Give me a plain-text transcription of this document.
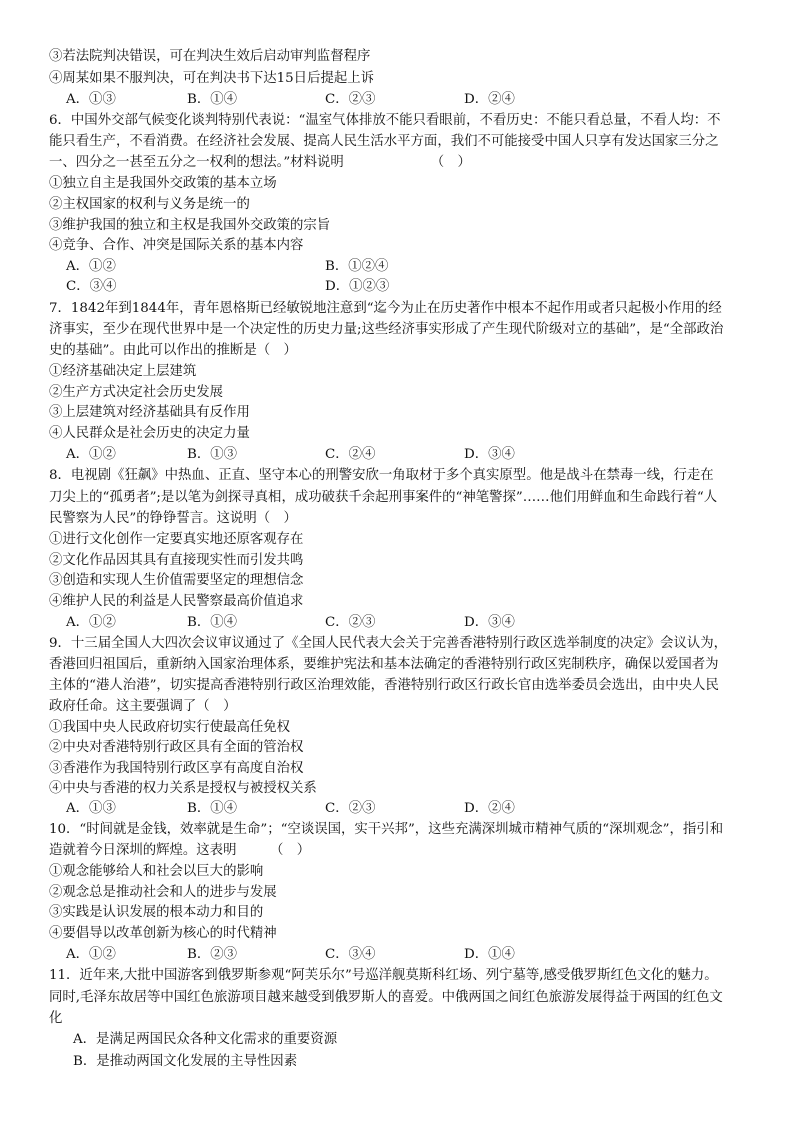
③若法院判决错误，可在判决生效后启动审判监督程序
④周某如果不服判决，可在判决书下达15日后提起上诉
A．①③	B．①④	C．②③	D．②④
6．中国外交部气候变化谈判特别代表说：“温室气体排放不能只看眼前，不看历史：不能只看总量，不看人均：不
能只看生产，不看消费。在经济社会发展、提高人民生活水平方面，我们不可能接受中国人只享有发达国家三分之
一、四分之一甚至五分之一权利的想法。”材料说明　　　　　　　（　）
①独立自主是我国外交政策的基本立场
②主权国家的权利与义务是统一的
③维护我国的独立和主权是我国外交政策的宗旨
④竞争、合作、冲突是国际关系的基本内容
A．①②	B．①②④
C．③④	D．①②③
7．1842年到1844年，青年恩格斯已经敏锐地注意到“迄今为止在历史著作中根本不起作用或者只起极小作用的经
济事实，至少在现代世界中是一个决定性的历史力量;这些经济事实形成了产生现代阶级对立的基础”，是“全部政治
史的基础”。由此可以作出的推断是（　）
①经济基础决定上层建筑
②生产方式决定社会历史发展
③上层建筑对经济基础具有反作用
④人民群众是社会历史的决定力量
A．①②	B．①③	C．②④	D．③④
8．电视剧《狂飙》中热血、正直、坚守本心的刑警安欣一角取材于多个真实原型。他是战斗在禁毒一线，行走在
刀尖上的“孤勇者”;是以笔为剑探寻真相，成功破获千余起刑事案件的“神笔警探”……他们用鲜血和生命践行着“人
民警察为人民”的铮铮誓言。这说明（　）
①进行文化创作一定要真实地还原客观存在
②文化作品因其具有直接现实性而引发共鸣
③创造和实现人生价值需要坚定的理想信念
④维护人民的利益是人民警察最高价值追求
A．①②	B．①④	C．②③	D．③④
9．十三届全国人大四次会议审议通过了《全国人民代表大会关于完善香港特别行政区选举制度的决定》会议认为，
香港回归祖国后，重新纳入国家治理体系，要维护宪法和基本法确定的香港特别行政区宪制秩序，确保以爱国者为
主体的“港人治港”，切实提高香港特别行政区治理效能，香港特别行政区行政长官由选举委员会选出，由中央人民
政府任命。这主要强调了（　）
①我国中央人民政府切实行使最高任免权
②中央对香港特别行政区具有全面的管治权
③香港作为我国特别行政区享有高度自治权
④中央与香港的权力关系是授权与被授权关系
A．①③	B．①④	C．②③	D．②④
10．“时间就是金钱，效率就是生命”；“空谈误国，实干兴邦”，这些充满深圳城市精神气质的“深圳观念”，指引和
造就着今日深圳的辉煌。这表明　　　（　）
①观念能够给人和社会以巨大的影响
②观念总是推动社会和人的进步与发展
③实践是认识发展的根本动力和目的
④要倡导以改革创新为核心的时代精神
A．①②	B．②③	C．③④	D．①④
11．近年来,大批中国游客到俄罗斯参观“阿芙乐尔”号巡洋舰莫斯科红场、列宁墓等,感受俄罗斯红色文化的魅力。
同时,毛泽东故居等中国红色旅游项目越来越受到俄罗斯人的喜爱。中俄两国之间红色旅游发展得益于两国的红色文
化
A．是满足两国民众各种文化需求的重要资源
B．是推动两国文化发展的主导性因素
